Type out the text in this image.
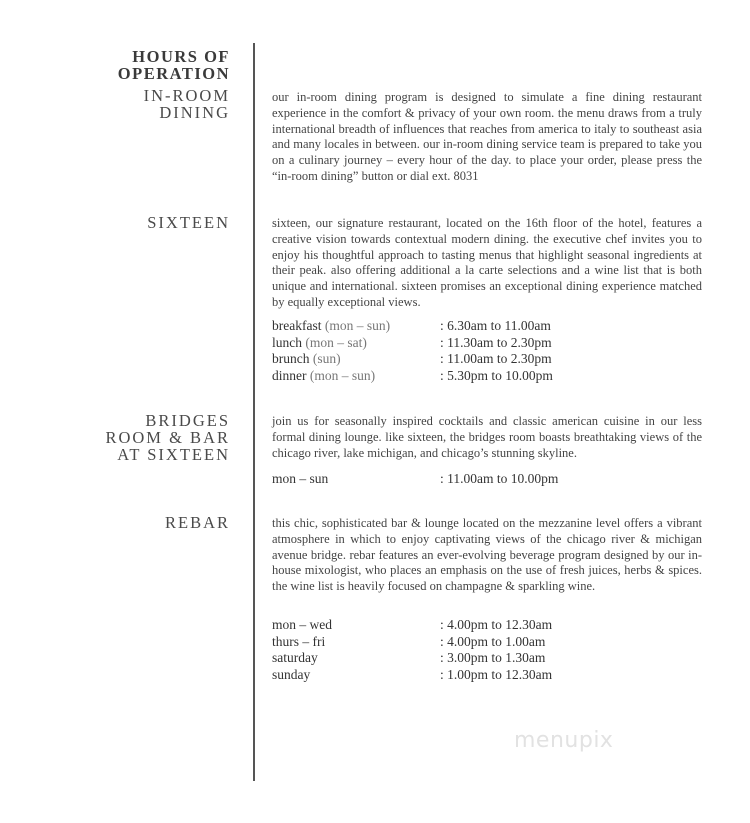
HOURS OF
OPERATION
IN-ROOM
DINING
our in-room dining program is designed to simulate a fine dining restaurant experience in the comfort & privacy of your own room. the menu draws from a truly international breadth of influences that reaches from america to italy to southeast asia and many locales in between. our in-room dining service team is prepared to take you on a culinary journey – every hour of the day. to place your order, please press the “in-room dining” button or dial ext. 8031
SIXTEEN	sixteen, our signature restaurant, located on the 16th floor of the hotel, features a creative vision towards contextual modern dining. the executive chef invites you to enjoy his thoughtful approach to tasting menus that highlight seasonal ingredients at their peak. also offering additional a la carte selections and a wine list that is both unique and international. sixteen promises an exceptional dining experience matched by equally exceptional views.
breakfast (mon – sun)	: 6.30am to 11.00am
lunch (mon – sat)	: 11.30am to 2.30pm
brunch (sun)	: 11.00am to 2.30pm
dinner (mon – sun)	: 5.30pm to 10.00pm
BRIDGES
ROOM & BAR
AT SIXTEEN
join us for seasonally inspired cocktails and classic american cuisine in our less formal dining lounge. like sixteen, the bridges room boasts breathtaking views of the chicago river, lake michigan, and chicago’s stunning skyline.
mon – sun	: 11.00am to 10.00pm
REBAR	this chic, sophisticated bar & lounge located on the mezzanine level offers a vibrant atmosphere in which to enjoy captivating views of the chicago river & michigan avenue bridge. rebar features an ever-evolving beverage program designed by our in-house mixologist, who places an emphasis on the use of fresh juices, herbs & spices. the wine list is heavily focused on champagne & sparkling wine.
mon – wed	: 4.00pm to 12.30am
thurs – fri	: 4.00pm to 1.00am
saturday	: 3.00pm to 1.30am
sunday	: 1.00pm to 12.30am
menupix
